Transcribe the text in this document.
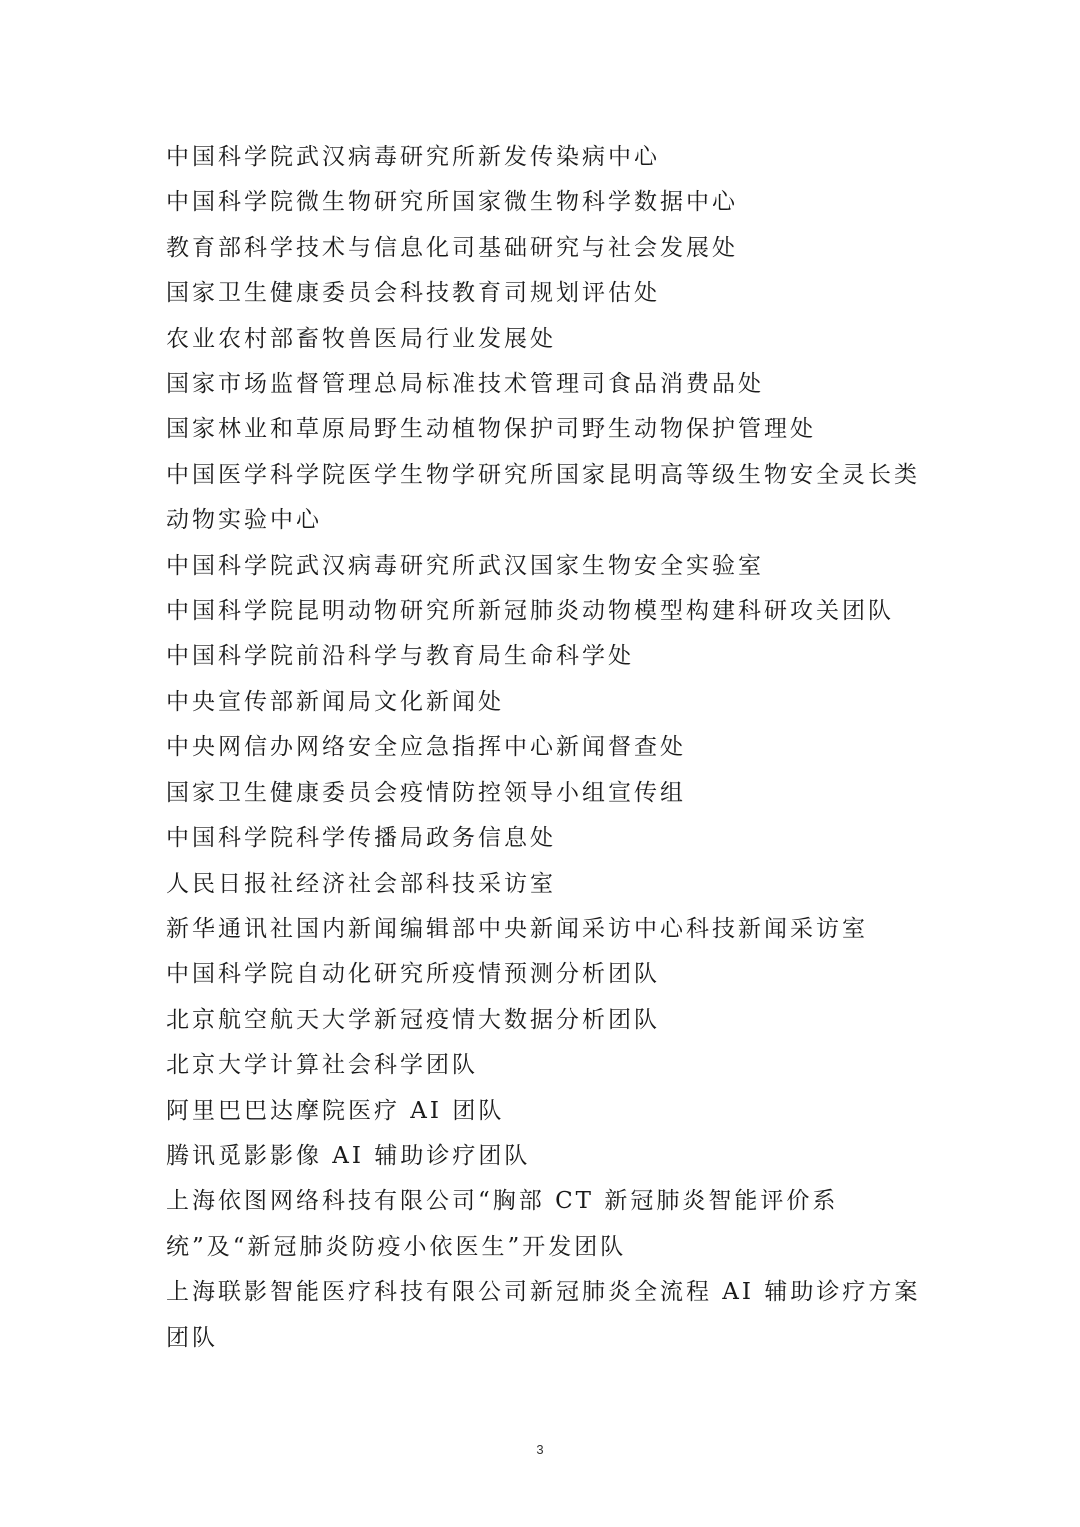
中国科学院武汉病毒研究所新发传染病中心
中国科学院微生物研究所国家微生物科学数据中心
教育部科学技术与信息化司基础研究与社会发展处
国家卫生健康委员会科技教育司规划评估处
农业农村部畜牧兽医局行业发展处
国家市场监督管理总局标准技术管理司食品消费品处
国家林业和草原局野生动植物保护司野生动物保护管理处
中国医学科学院医学生物学研究所国家昆明高等级生物安全灵长类动物实验中心
中国科学院武汉病毒研究所武汉国家生物安全实验室
中国科学院昆明动物研究所新冠肺炎动物模型构建科研攻关团队
中国科学院前沿科学与教育局生命科学处
中央宣传部新闻局文化新闻处
中央网信办网络安全应急指挥中心新闻督查处
国家卫生健康委员会疫情防控领导小组宣传组
中国科学院科学传播局政务信息处
人民日报社经济社会部科技采访室
新华通讯社国内新闻编辑部中央新闻采访中心科技新闻采访室
中国科学院自动化研究所疫情预测分析团队
北京航空航天大学新冠疫情大数据分析团队
北京大学计算社会科学团队
阿里巴巴达摩院医疗 AI 团队
腾讯觅影影像 AI 辅助诊疗团队
上海依图网络科技有限公司“胸部 CT 新冠肺炎智能评价系统”及“新冠肺炎防疫小依医生”开发团队
上海联影智能医疗科技有限公司新冠肺炎全流程 AI 辅助诊疗方案团队
3
